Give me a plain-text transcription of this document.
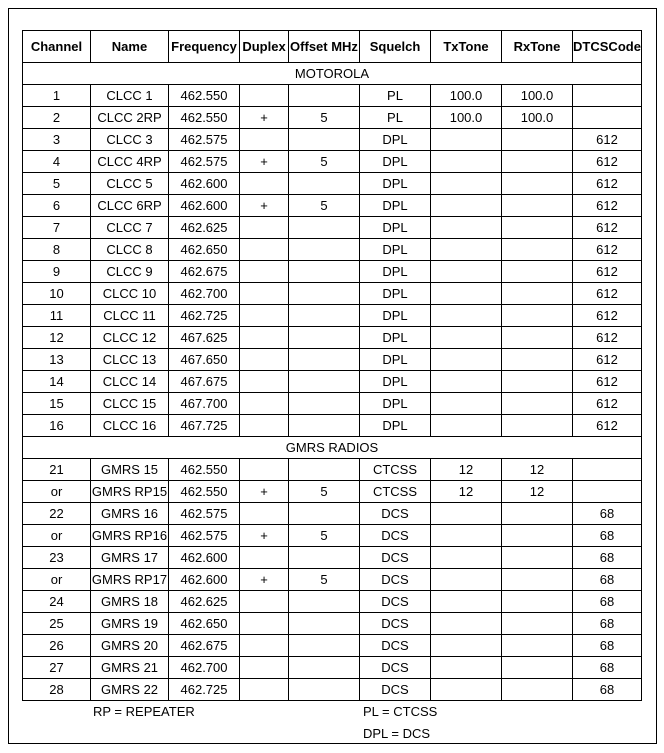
Channel	Name	Frequency	Duplex	Offset MHz	Squelch	TxTone	RxTone	DTCSCode
MOTOROLA								
1	CLCC 1	462.550			PL	100.0	100.0	
2	CLCC 2RP	462.550	+	5	PL	100.0	100.0	
3	CLCC 3	462.575			DPL			612
4	CLCC 4RP	462.575	+	5	DPL			612
5	CLCC 5	462.600			DPL			612
6	CLCC 6RP	462.600	+	5	DPL			612
7	CLCC 7	462.625			DPL			612
8	CLCC 8	462.650			DPL			612
9	CLCC 9	462.675			DPL			612
10	CLCC 10	462.700			DPL			612
11	CLCC 11	462.725			DPL			612
12	CLCC 12	467.625			DPL			612
13	CLCC 13	467.650			DPL			612
14	CLCC 14	467.675			DPL			612
15	CLCC 15	467.700			DPL			612
16	CLCC 16	467.725			DPL			612
GMRS RADIOS								
21	GMRS 15	462.550			CTCSS	12	12	
or	GMRS RP15	462.550	+	5	CTCSS	12	12	
22	GMRS 16	462.575			DCS			68
or	GMRS RP16	462.575	+	5	DCS			68
23	GMRS 17	462.600			DCS			68
or	GMRS RP17	462.600	+	5	DCS			68
24	GMRS 18	462.625			DCS			68
25	GMRS 19	462.650			DCS			68
26	GMRS 20	462.675			DCS			68
27	GMRS 21	462.700			DCS			68
28	GMRS 22	462.725			DCS			68
RP = REPEATER	PL = CTCSS
DPL = DCS
